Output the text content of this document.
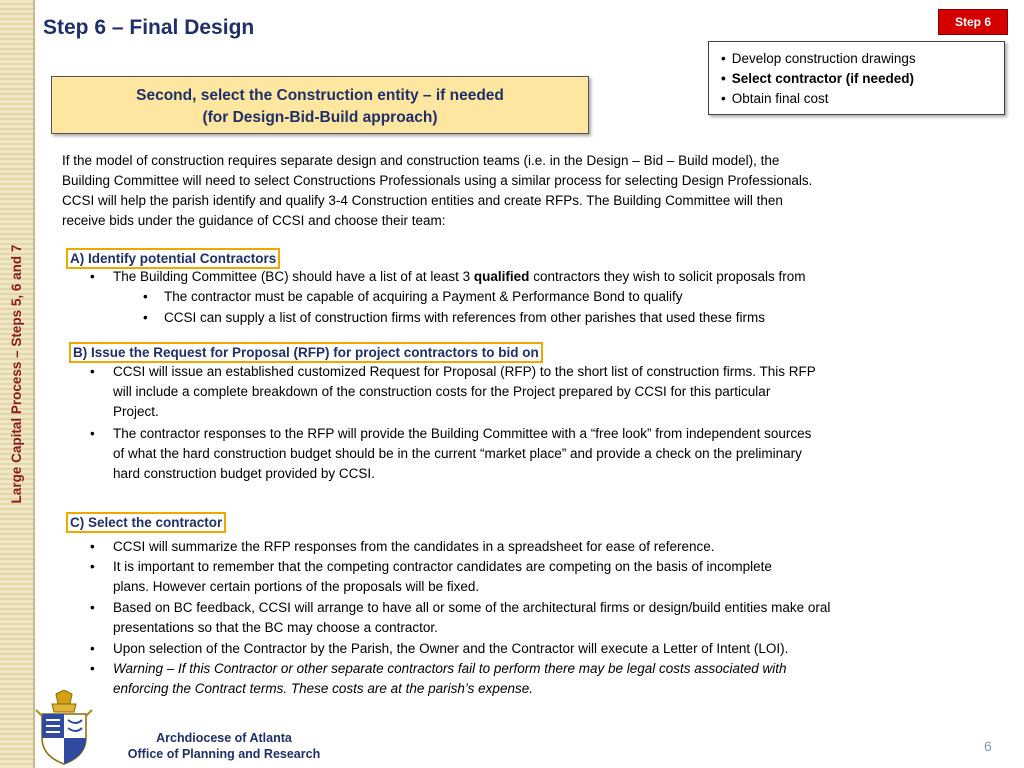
Large Capital Process – Steps 5, 6 and 7
Step 6 – Final Design	Step 6
• Develop construction drawings
• Select contractor (if needed)
• Obtain final cost
Second, select the Construction entity – if needed
(for Design-Bid-Build approach)
If the model of construction requires separate design and construction teams (i.e. in the Design – Bid – Build model), the
Building Committee will need to select Constructions Professionals using a similar process for selecting Design Professionals.
CCSI will help the parish identify and qualify 3-4 Construction entities and create RFPs. The Building Committee will then
receive bids under the guidance of CCSI and choose their team:
A) Identify potential Contractors
•	The Building Committee (BC) should have a list of at least 3 qualified contractors they wish to solicit proposals from
•	The contractor must be capable of acquiring a Payment & Performance Bond to qualify
•	CCSI can supply a list of construction firms with references from other parishes that used these firms
B) Issue the Request for Proposal (RFP) for project contractors to bid on
•	CCSI will issue an established customized Request for Proposal (RFP) to the short list of construction firms. This RFP
will include a complete breakdown of the construction costs for the Project prepared by CCSI for this particular
Project.
•	The contractor responses to the RFP will provide the Building Committee with a “free look” from independent sources
of what the hard construction budget should be in the current “market place” and provide a check on the preliminary
hard construction budget provided by CCSI.
C) Select the contractor
•	CCSI will summarize the RFP responses from the candidates in a spreadsheet for ease of reference.
•	It is important to remember that the competing contractor candidates are competing on the basis of incomplete
plans. However certain portions of the proposals will be fixed.
•	Based on BC feedback, CCSI will arrange to have all or some of the architectural firms or design/build entities make oral
presentations so that the BC may choose a contractor.
•	Upon selection of the Contractor by the Parish, the Owner and the Contractor will execute a Letter of Intent (LOI).
•	Warning – If this Contractor or other separate contractors fail to perform there may be legal costs associated with
enforcing the Contract terms. These costs are at the parish’s expense.
Archdiocese of Atlanta
Office of Planning and Research	6
